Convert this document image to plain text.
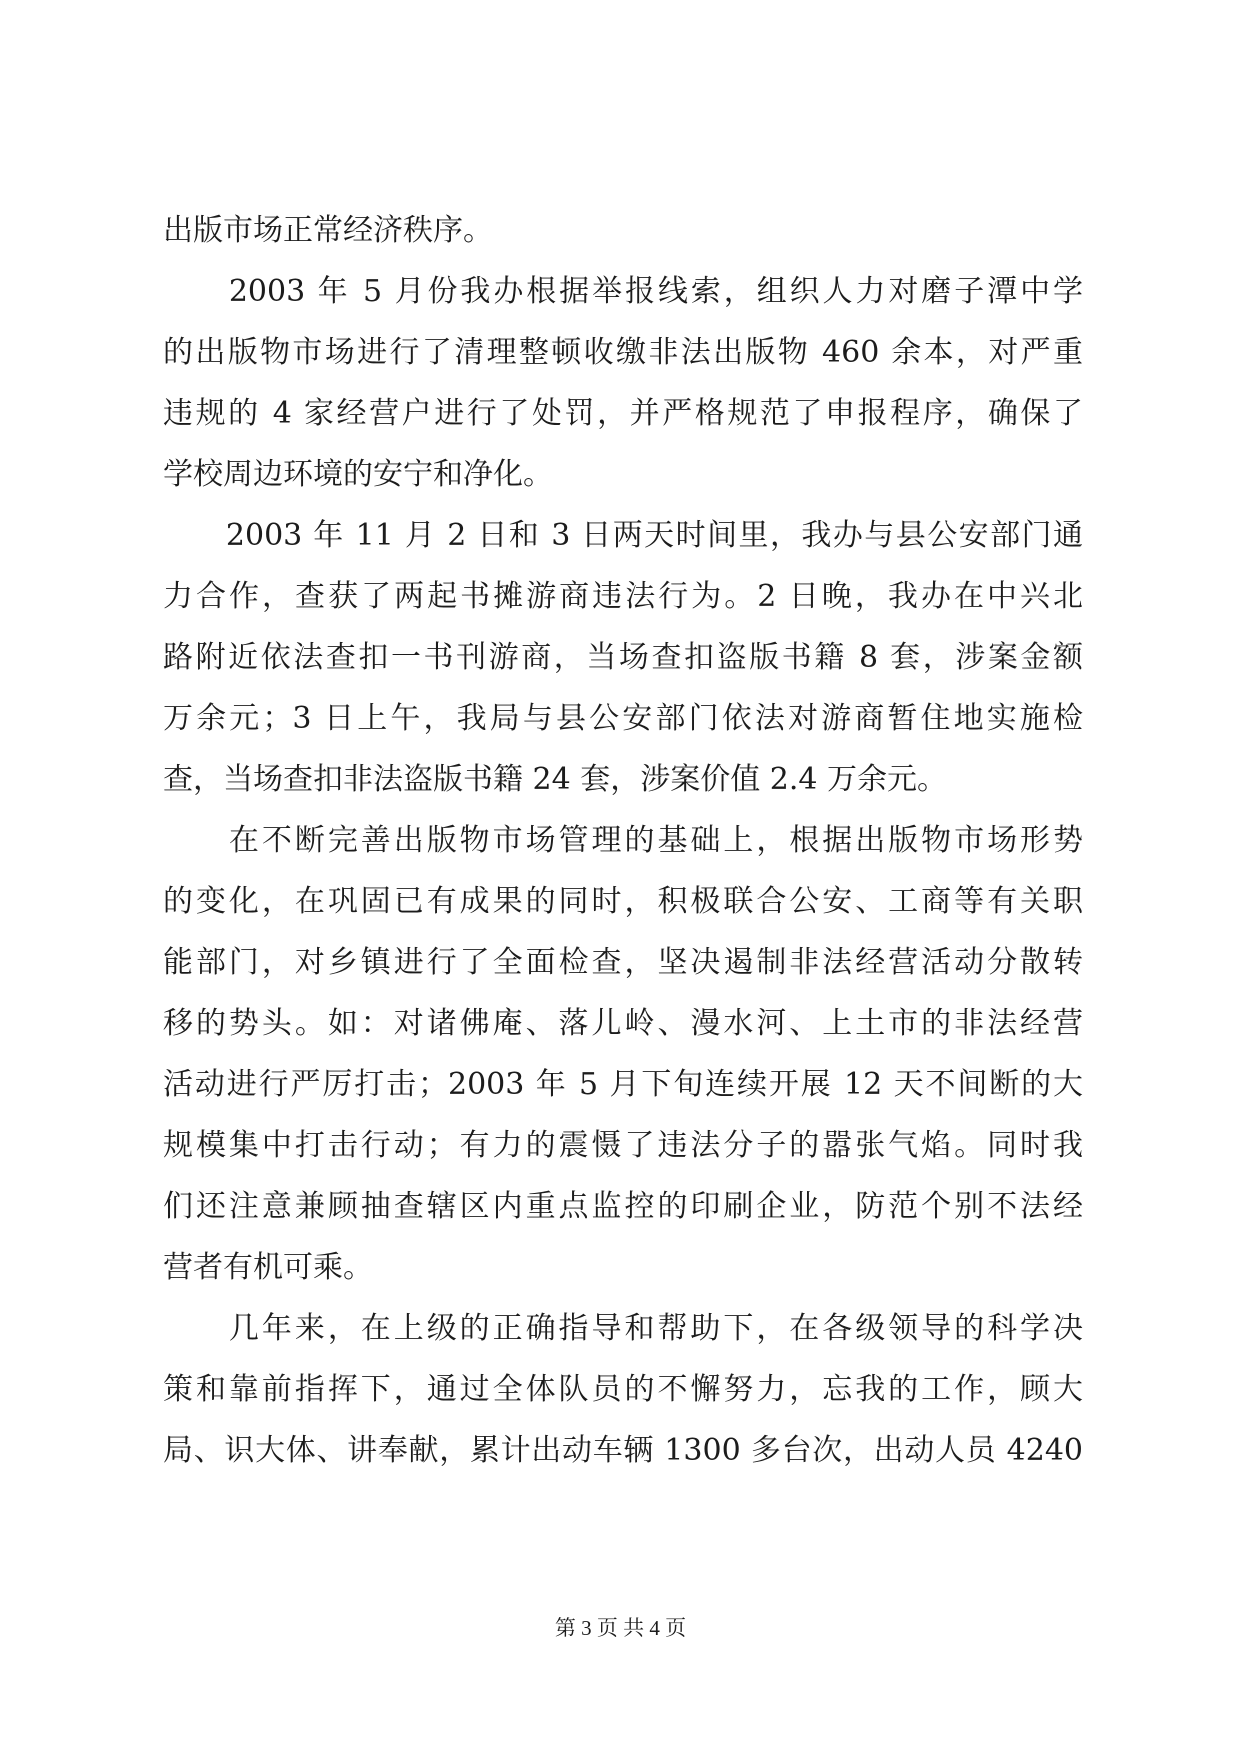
出版市场正常经济秩序。
　　2003 年 5 月份我办根据举报线索，组织人力对磨子潭中学
的出版物市场进行了清理整顿收缴非法出版物 460 余本，对严重
违规的 4 家经营户进行了处罚，并严格规范了申报程序，确保了
学校周边环境的安宁和净化。
　　2003 年 11 月 2 日和 3 日两天时间里，我办与县公安部门通
力合作，查获了两起书摊游商违法行为。2 日晚，我办在中兴北
路附近依法查扣一书刊游商，当场查扣盗版书籍 8 套，涉案金额
万余元；3 日上午，我局与县公安部门依法对游商暂住地实施检
查，当场查扣非法盗版书籍 24 套，涉案价值 2.4 万余元。
　　在不断完善出版物市场管理的基础上，根据出版物市场形势
的变化，在巩固已有成果的同时，积极联合公安、工商等有关职
能部门，对乡镇进行了全面检查，坚决遏制非法经营活动分散转
移的势头。如：对诸佛庵、落儿岭、漫水河、上土市的非法经营
活动进行严厉打击；2003 年 5 月下旬连续开展 12 天不间断的大
规模集中打击行动；有力的震慑了违法分子的嚣张气焰。同时我
们还注意兼顾抽查辖区内重点监控的印刷企业，防范个别不法经
营者有机可乘。
　　几年来，在上级的正确指导和帮助下，在各级领导的科学决
策和靠前指挥下，通过全体队员的不懈努力，忘我的工作，顾大
局、识大体、讲奉献，累计出动车辆 1300 多台次，出动人员 4240
第 3 页 共 4 页
